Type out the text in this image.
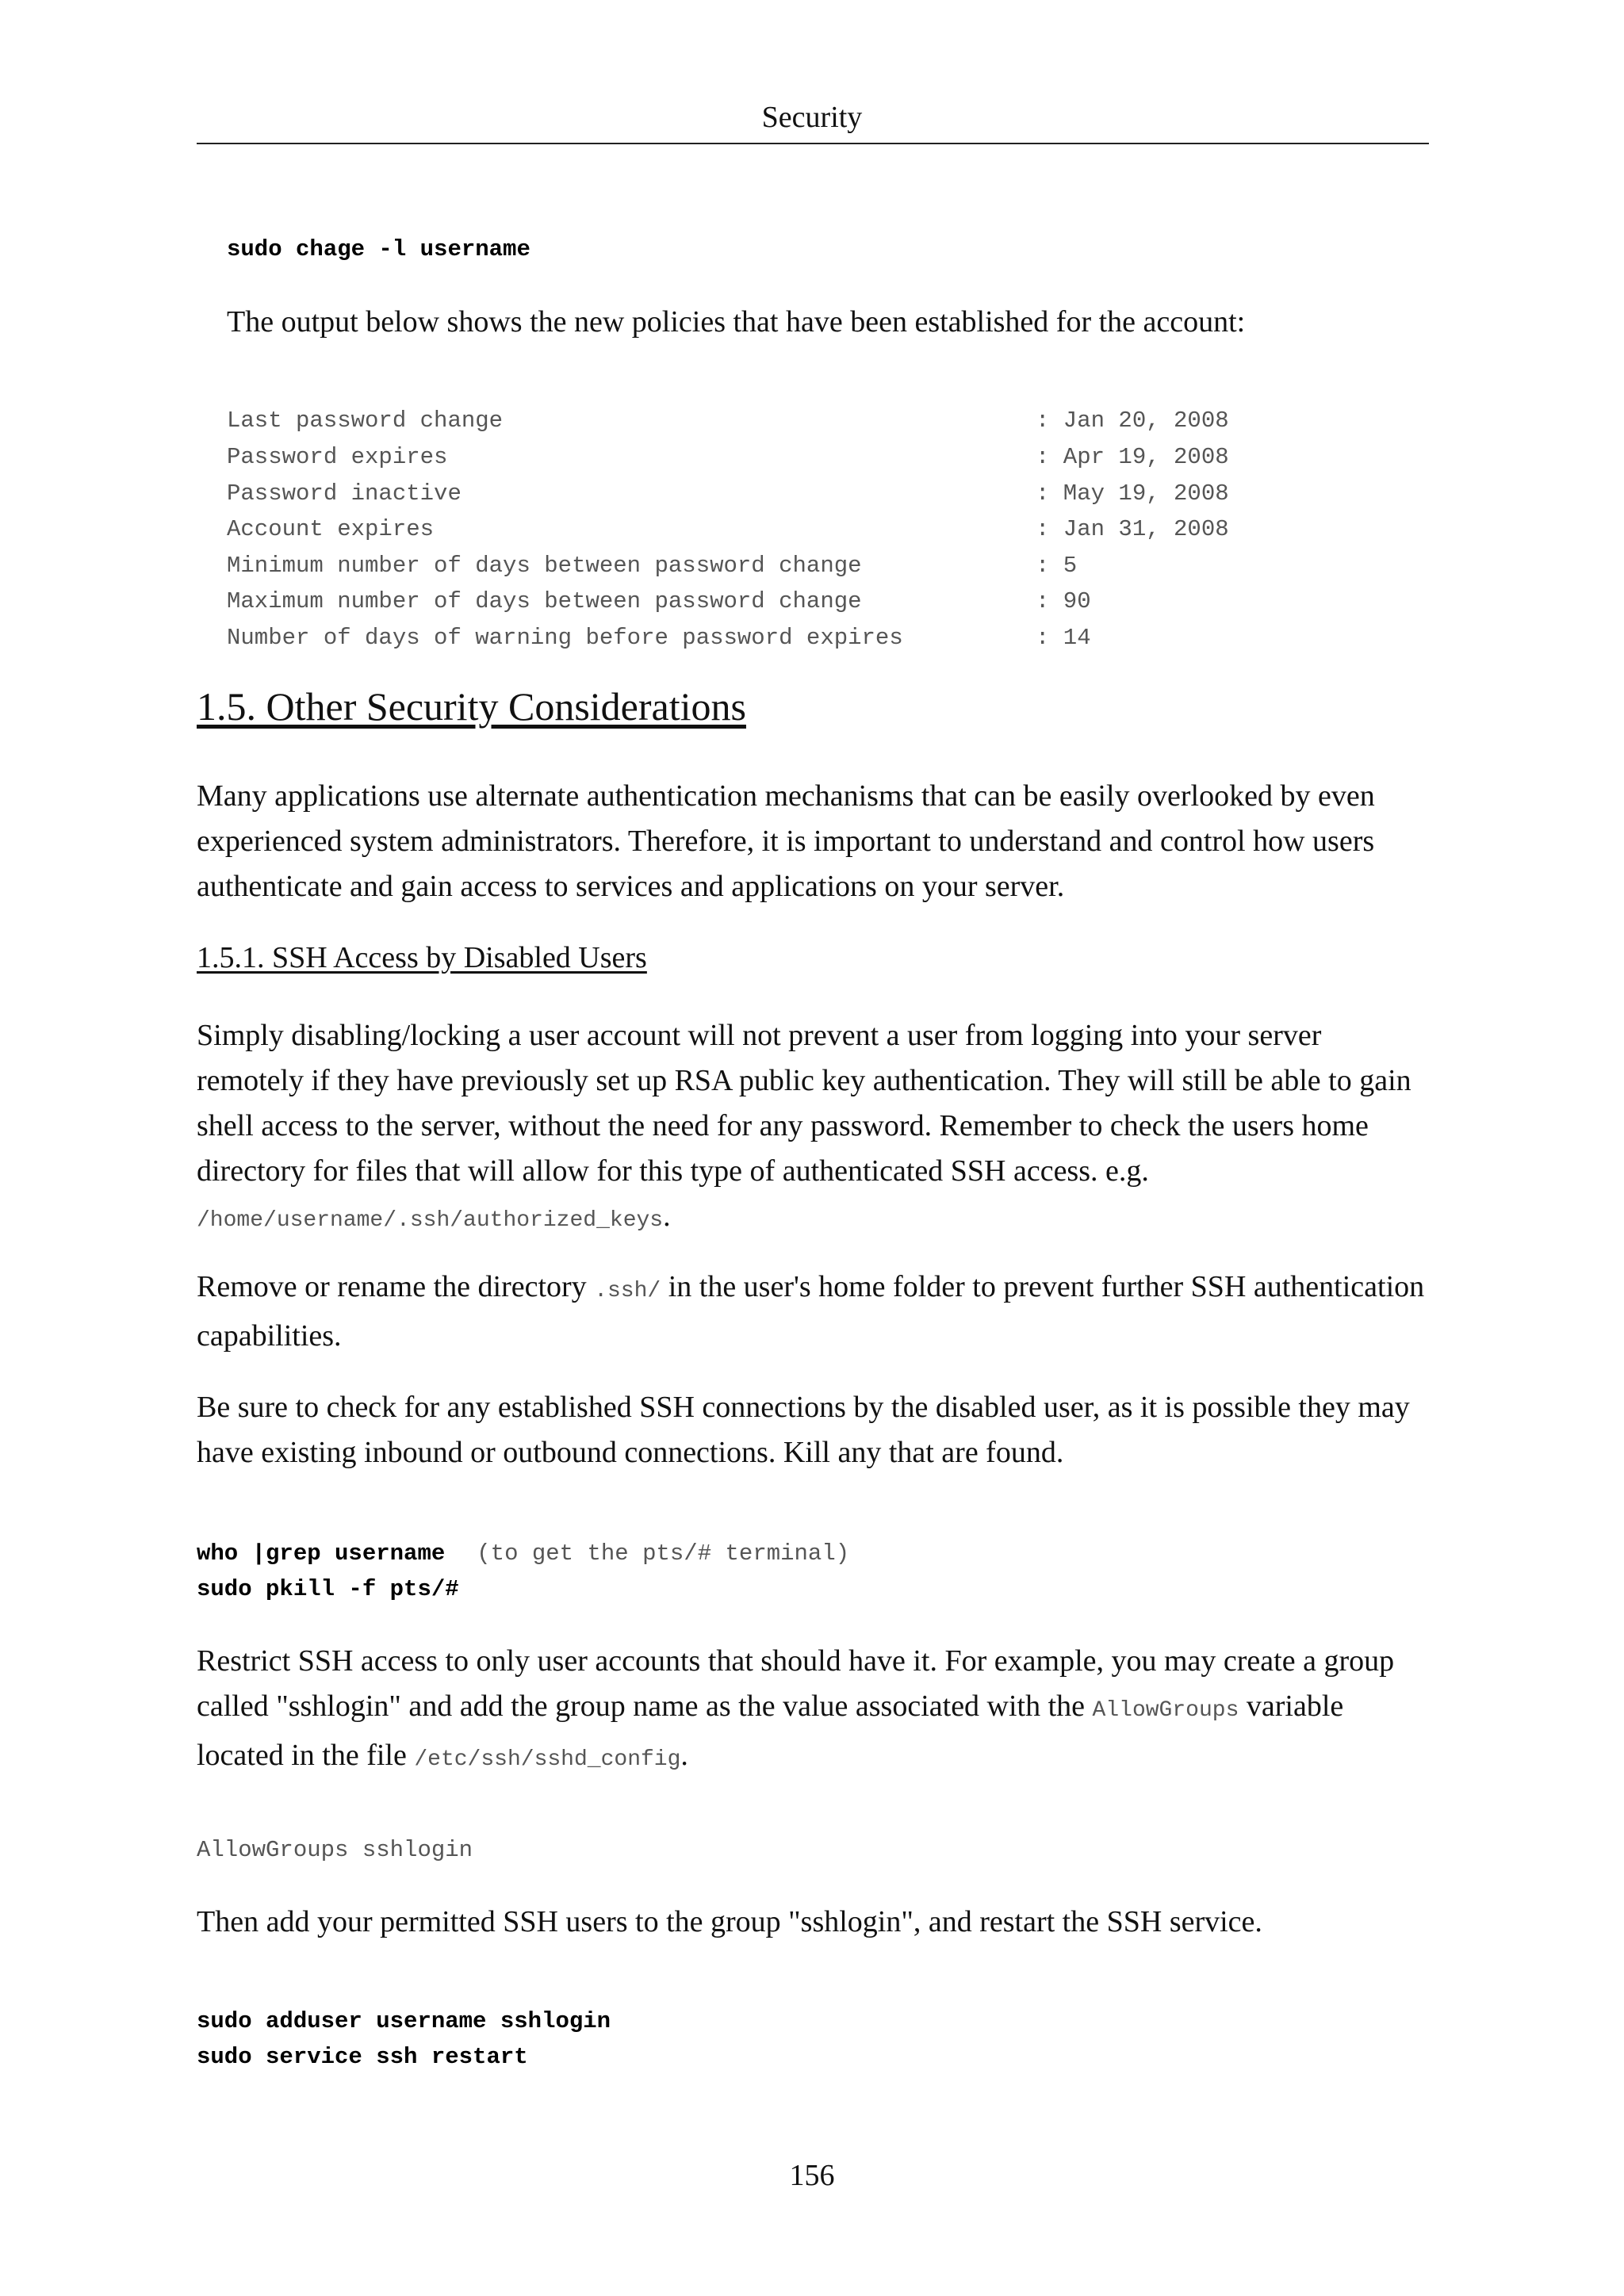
Security
sudo chage -l username
The output below shows the new policies that have been established for the account:
Last password change	: Jan 20, 2008
Password expires	: Apr 19, 2008
Password inactive	: May 19, 2008
Account expires	: Jan 31, 2008
Minimum number of days between password change	: 5
Maximum number of days between password change	: 90
Number of days of warning before password expires	: 14
1.5. Other Security Considerations
Many applications use alternate authentication mechanisms that can be easily overlooked by even experienced system administrators. Therefore, it is important to understand and control how users authenticate and gain access to services and applications on your server.
1.5.1. SSH Access by Disabled Users
Simply disabling/locking a user account will not prevent a user from logging into your server remotely if they have previously set up RSA public key authentication. They will still be able to gain shell access to the server, without the need for any password. Remember to check the users home directory for files that will allow for this type of authenticated SSH access. e.g. /home/username/.ssh/authorized_keys.
Remove or rename the directory .ssh/ in the user's home folder to prevent further SSH authentication capabilities.
Be sure to check for any established SSH connections by the disabled user, as it is possible they may have existing inbound or outbound connections. Kill any that are found.
who |grep username (to get the pts/# terminal)
sudo pkill -f pts/#
Restrict SSH access to only user accounts that should have it. For example, you may create a group called "sshlogin" and add the group name as the value associated with the AllowGroups variable located in the file /etc/ssh/sshd_config.
AllowGroups sshlogin
Then add your permitted SSH users to the group "sshlogin", and restart the SSH service.
sudo adduser username sshlogin
sudo service ssh restart
156
